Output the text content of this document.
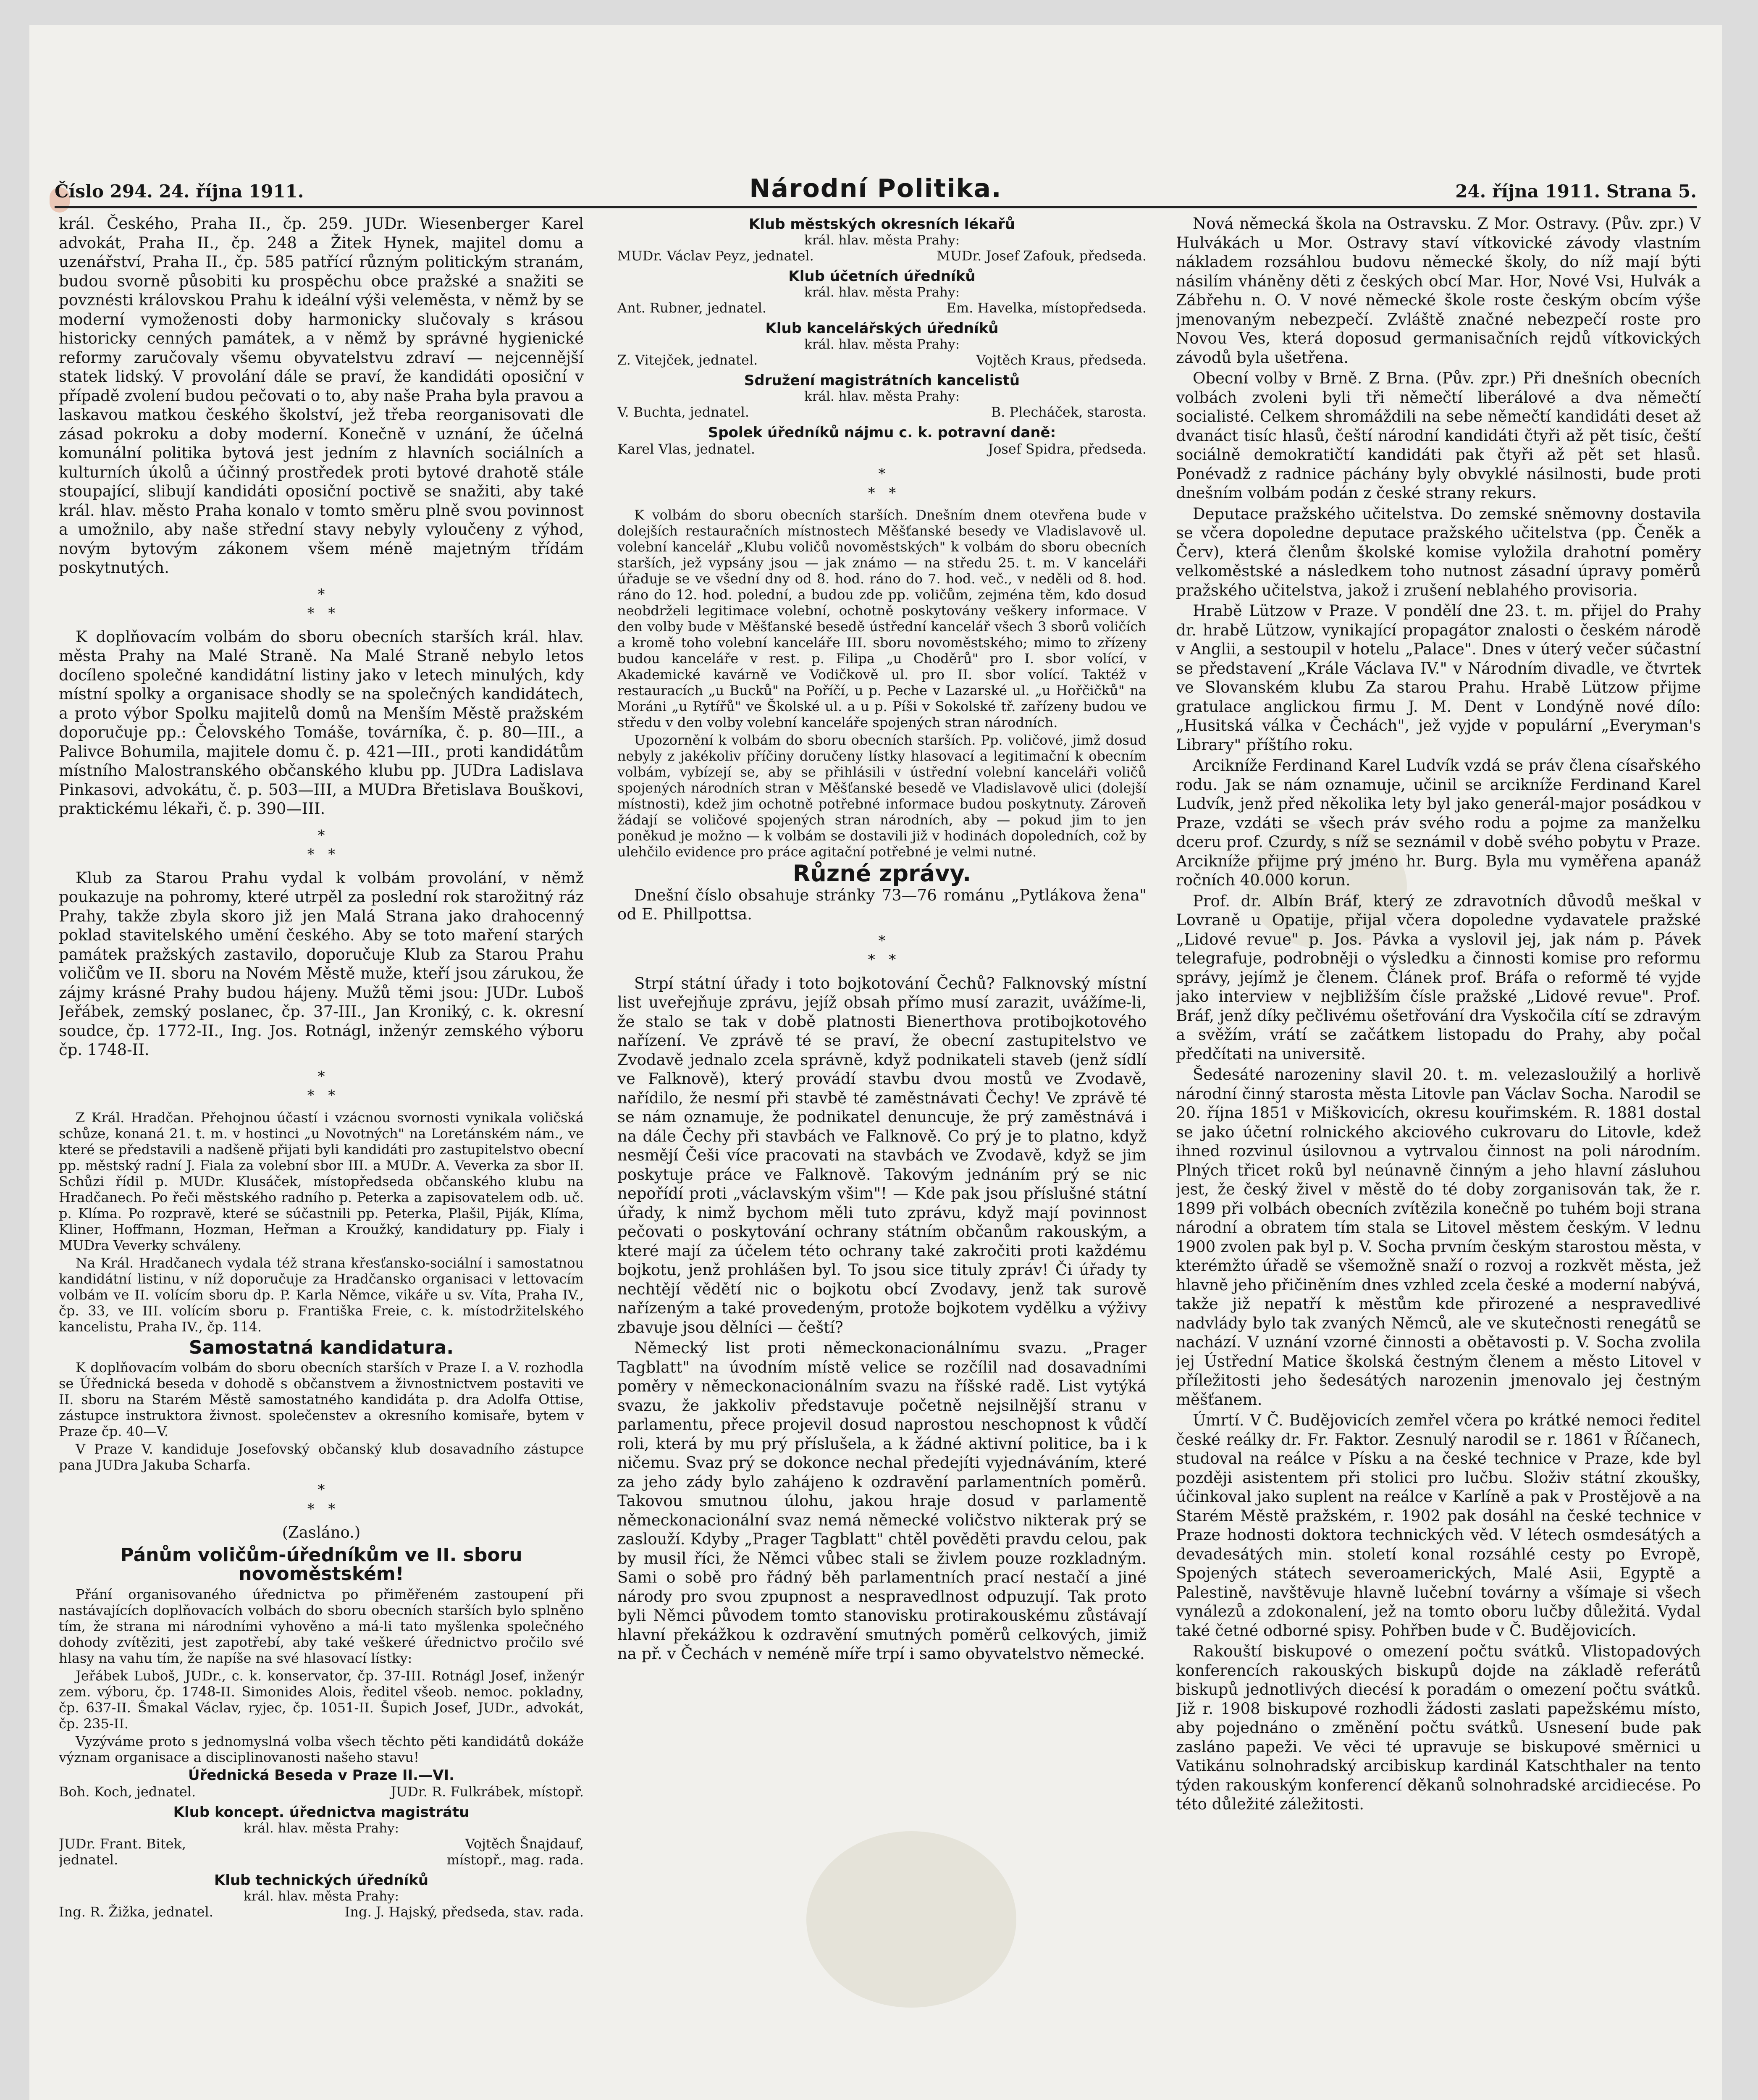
Číslo 294. 24. října 1911.	Národní Politika.	24. října 1911. Strana 5.

král. Českého, Praha II., čp. 259. JUDr. Wiesenberger Karel advokát, Praha II., čp. 248 a Žitek Hynek, majitel domu a uzenářství, Praha II., čp. 585 patřící různým politickým stranám, budou svorně působiti ku prospěchu obce pražské a snažiti se povznésti královskou Prahu k ideální výši veleměsta, v němž by se moderní vymoženosti doby harmonicky slučovaly s krásou historicky cenných památek, a v němž by správné hygienické reformy zaručovaly všemu obyvatelstvu zdraví — nejcennější statek lidský. V provolání dále se praví, že kandidáti oposiční v případě zvolení budou pečovati o to, aby naše Praha byla pravou a laskavou matkou českého školství, jež třeba reorganisovati dle zásad pokroku a doby moderní. Konečně v uznání, že účelná komunální politika bytová jest jedním z hlavních sociálních a kulturních úkolů a účinný prostředek proti bytové drahotě stále stoupající, slibují kandidáti oposiční poctivě se snažiti, aby také král. hlav. město Praha konalo v tomto směru plně svou povinnost a umožnilo, aby naše střední stavy nebyly vyloučeny z výhod, novým bytovým zákonem všem méně majetným třídám poskytnutých.

*
*   *

K doplňovacím volbám do sboru obecních starších král. hlav. města Prahy na Malé Straně. Na Malé Straně nebylo letos docíleno společné kandidátní listiny jako v letech minulých, kdy místní spolky a organisace shodly se na společných kandidátech, a proto výbor Spolku majitelů domů na Menším Městě pražském doporučuje pp.: Čelovského Tomáše, továrníka, č. p. 80—III., a Palivce Bohumila, majitele domu č. p. 421—III., proti kandidátům místního Malostranského občanského klubu pp. JUDra Ladislava Pinkasovi, advokátu, č. p. 503—III, a MUDra Břetislava Bouškovi, praktickému lékaři, č. p. 390—III.

*
*   *

Klub za Starou Prahu vydal k volbám provolání, v němž poukazuje na pohromy, které utrpěl za poslední rok starožitný ráz Prahy, takže zbyla skoro již jen Malá Strana jako drahocenný poklad stavitelského umění českého. Aby se toto maření starých památek pražských zastavilo, doporučuje Klub za Starou Prahu voličům ve II. sboru na Novém Městě muže, kteří jsou zárukou, že zájmy krásné Prahy budou hájeny. Mužů těmi jsou: JUDr. Luboš Jeřábek, zemský poslanec, čp. 37-III., Jan Kroniký, c. k. okresní soudce, čp. 1772-II., Ing. Jos. Rotnágl, inženýr zemského výboru čp. 1748-II.

*
*   *

Z Král. Hradčan. Přehojnou účastí i vzácnou svornosti vynikala voličská schůze, konaná 21. t. m. v hostinci „u Novotných" na Loretánském nám., ve které se představili a nadšeně přijati byli kandidáti pro zastupitelstvo obecní pp. městský radní J. Fiala za volební sbor III. a MUDr. A. Veverka za sbor II. Schůzi řídil p. MUDr. Klusáček, místopředseda občanského klubu na Hradčanech. Po řeči městského radního p. Peterka a zapisovatelem odb. uč. p. Klíma. Po rozpravě, které se súčastnili pp. Peterka, Plašil, Piják, Klíma, Kliner, Hoffmann, Hozman, Heřman a Kroužký, kandidatury pp. Fialy i MUDra Veverky schváleny.

Na Král. Hradčanech vydala též strana křesťansko-sociální i samostatnou kandidátní listinu, v níž doporučuje za Hradčansko organisaci v lettovacím volbám ve II. volícím sboru dp. P. Karla Němce, vikáře u sv. Víta, Praha IV., čp. 33, ve III. volícím sboru p. Františka Freie, c. k. místodržitelského kancelistu, Praha IV., čp. 114.

Samostatná kandidatura.

K doplňovacím volbám do sboru obecních starších v Praze I. a V. rozhodla se Úřednická beseda v dohodě s občanstvem a živnostnictvem postaviti ve II. sboru na Starém Městě samostatného kandidáta p. dra Adolfa Ottise, zástupce instruktora živnost. společenstev a okresního komisaře, bytem v Praze čp. 40—V.

V Praze V. kandiduje Josefovský občanský klub dosavadního zástupce pana JUDra Jakuba Scharfa.

*
*   *
(Zasláno.)
Pánům voličům-úředníkům ve II. sboru novoměstském!

Přání organisovaného úřednictva po přiměřeném zastoupení při nastávajících doplňovacích volbách do sboru obecních starších bylo splněno tím, že strana mi národními vyhověno a má-li tato myšlenka společného dohody zvítěziti, jest zapotřebí, aby také veškeré úřednictvo pročilo své hlasy na vahu tím, že napíše na své hlasovací lístky:

Jeřábek Luboš, JUDr., c. k. konservator, čp. 37-III. Rotnágl Josef, inženýr zem. výboru, čp. 1748-II. Simonides Alois, ředitel všeob. nemoc. pokladny, čp. 637-II. Šmakal Václav, ryjec, čp. 1051-II. Šupich Josef, JUDr., advokát, čp. 235-II.

Vyzýváme proto s jednomyslná volba všech těchto pěti kandidátů dokáže význam organisace a disciplinovanosti našeho stavu!

Úřednická Beseda v Praze II.—VI.
Boh. Koch, jednatel.	JUDr. R. Fulkrábek, místopř.
Klub koncept. úřednictva magistrátu
král. hlav. města Prahy:
JUDr. Frant. Bitek,	Vojtěch Šnajdauf,
jednatel.	místopř., mag. rada.
Klub technických úředníků
král. hlav. města Prahy:
Ing. R. Žižka, jednatel.	Ing. J. Hajský, předseda, stav. rada.
Klub městských okresních lékařů
král. hlav. města Prahy:
MUDr. Václav Peyz, jednatel.	MUDr. Josef Zafouk, předseda.
Klub účetních úředníků
král. hlav. města Prahy:
Ant. Rubner, jednatel.	Em. Havelka, místopředseda.
Klub kancelářských úředníků
král. hlav. města Prahy:
Z. Vitejček, jednatel.	Vojtěch Kraus, předseda.
Sdružení magistrátních kancelistů
král. hlav. města Prahy:
V. Buchta, jednatel.	B. Plecháček, starosta.
Spolek úředníků nájmu c. k. potravní daně:
Karel Vlas, jednatel.	Josef Spidra, předseda.
*
*   *

K volbám do sboru obecních starších. Dnešním dnem otevřena bude v dolejších restauračních místnostech Měšťanské besedy ve Vladislavově ul. volební kancelář „Klubu voličů novoměstských" k volbám do sboru obecních starších, jež vypsány jsou — jak známo — na středu 25. t. m. V kanceláři úřaduje se ve všední dny od 8. hod. ráno do 7. hod. več., v neděli od 8. hod. ráno do 12. hod. polední, a budou zde pp. voličům, zejména těm, kdo dosud neobdrželi legitimace volební, ochotně poskytovány veškery informace. V den volby bude v Měšťanské besedě ústřední kancelář všech 3 sborů voličích a kromě toho volební kanceláře III. sboru novoměstského; mimo to zřízeny budou kanceláře v rest. p. Filipa „u Choděrů" pro I. sbor volící, v Akademické kavárně ve Vodičkově ul. pro II. sbor volící. Taktéž v restauracích „u Bucků" na Poříčí, u p. Peche v Lazarské ul. „u Hořčičků" na Moráni „u Rytířů" ve Školské ul. a u p. Píši v Sokolské tř. zařízeny budou ve středu v den volby volební kanceláře spojených stran národních.

Upozornění k volbám do sboru obecních starších. Pp. voličové, jimž dosud nebyly z jakékoliv příčiny doručeny lístky hlasovací a legitimační k obecním volbám, vybízejí se, aby se přihlásili v ústřední volební kanceláři voličů spojených národních stran v Měšťanské besedě ve Vladislavově ulici (dolejší místnosti), kdež jim ochotně potřebné informace budou poskytnuty. Zároveň žádají se voličové spojených stran národních, aby — pokud jim to jen poněkud je možno — k volbám se dostavili již v hodinách dopoledních, což by ulehčilo evidence pro práce agitační potřebné je velmi nutné.

Různé zprávy.

Dnešní číslo obsahuje stránky 73—76 románu „Pytlákova žena" od E. Phillpottsa.

*
*   *

Strpí státní úřady i toto bojkotování Čechů? Falknovský místní list uveřejňuje zprávu, jejíž obsah přímo musí zarazit, uvážíme-li, že stalo se tak v době platnosti Bienerthova protibojkotového nařízení. Ve zprávě té se praví, že obecní zastupitelstvo ve Zvodavě jednalo zcela správně, když podnikateli staveb (jenž sídlí ve Falknově), který provádí stavbu dvou mostů ve Zvodavě, nařídilo, že nesmí při stavbě té zaměstnávati Čechy! Ve zprávě té se nám oznamuje, že podnikatel denuncuje, že prý zaměstnává i na dále Čechy při stavbách ve Falknově. Co prý je to platno, když nesmějí Češi více pracovati na stavbách ve Zvodavě, když se jim poskytuje práce ve Falknově. Takovým jednáním prý se nic nepořídí proti „václavským všim"! — Kde pak jsou příslušné státní úřady, k nimž bychom měli tuto zprávu, když mají povinnost pečovati o poskytování ochrany státním občanům rakouským, a které mají za účelem této ochrany také zakročiti proti každému bojkotu, jenž prohlášen byl. To jsou sice tituly zpráv! Či úřady ty nechtějí vědětí nic o bojkotu obcí Zvodavy, jenž tak surově nařízeným a také provedeným, protože bojkotem vydělku a výživy zbavuje jsou dělníci — čeští?

Německý list proti německonacionálnímu svazu. „Prager Tagblatt" na úvodním místě velice se rozčílil nad dosavadními poměry v německonacionálním svazu na říšské radě. List vytýká svazu, že jakkoliv představuje početně nejsilnější stranu v parlamentu, přece projevil dosud naprostou neschopnost k vůdčí roli, která by mu prý příslušela, a k žádné aktivní politice, ba i k ničemu. Svaz prý se dokonce nechal předejíti vyjednáváním, které za jeho zády bylo zahájeno k ozdravění parlamentních poměrů. Takovou smutnou úlohu, jakou hraje dosud v parlamentě německonacionální svaz nemá německé voličstvo nikterak prý se zaslouží. Kdyby „Prager Tagblatt" chtěl pověděti pravdu celou, pak by musil říci, že Němci vůbec stali se živlem pouze rozkladným. Sami o sobě pro řádný běh parlamentních prací nestačí a jiné národy pro svou zpupnost a nespravedlnost odpuzují. Tak proto byli Němci původem tomto stanovisku protirakouskému zůstávají hlavní překážkou k ozdravění smutných poměrů celkových, jimiž na př. v Čechách v neméně míře trpí i samo obyvatelstvo německé.

Nová německá škola na Ostravsku. Z Mor. Ostravy. (Pův. zpr.) V Hulvákách u Mor. Ostravy staví vítkovické závody vlastním nákladem rozsáhlou budovu německé školy, do níž mají býti násilím vháněny děti z českých obcí Mar. Hor, Nové Vsi, Hulvák a Zábřehu n. O. V nové německé škole roste českým obcím výše jmenovaným nebezpečí. Zvláště značné nebezpečí roste pro Novou Ves, která doposud germanisačních rejdů vítkovických závodů byla ušetřena.

Obecní volby v Brně. Z Brna. (Pův. zpr.) Při dnešních obecních volbách zvoleni byli tři němečtí liberálové a dva němečtí socialisté. Celkem shromáždili na sebe němečtí kandidáti deset až dvanáct tisíc hlasů, čeští národní kandidáti čtyři až pět tisíc, čeští sociálně demokratičtí kandidáti pak čtyři až pět set hlasů. Ponévadž z radnice páchány byly obvyklé násilnosti, bude proti dnešním volbám podán z české strany rekurs.

Deputace pražského učitelstva. Do zemské sněmovny dostavila se včera dopoledne deputace pražského učitelstva (pp. Čeněk a Červ), která členům školské komise vyložila drahotní poměry velkoměstské a následkem toho nutnost zásadní úpravy poměrů pražského učitelstva, jakož i zrušení neblahého provisoria.

Hrabě Lützow v Praze. V pondělí dne 23. t. m. přijel do Prahy dr. hrabě Lützow, vynikající propagátor znalosti o českém národě v Anglii, a sestoupil v hotelu „Palace". Dnes v úterý večer súčastní se představení „Krále Václava IV." v Národním divadle, ve čtvrtek ve Slovanském klubu Za starou Prahu. Hrabě Lützow přijme gratulace anglickou firmu J. M. Dent v Londýně nové dílo: „Husitská válka v Čechách", jež vyjde v populární „Everyman's Library" příštího roku.

Arcikníže Ferdinand Karel Ludvík vzdá se práv člena císařského rodu. Jak se nám oznamuje, učinil se arcikníže Ferdinand Karel Ludvík, jenž před několika lety byl jako generál-major posádkou v Praze, vzdáti se všech práv svého rodu a pojme za manželku dceru prof. Czurdy, s níž se seznámil v době svého pobytu v Praze. Arcikníže přijme prý jméno hr. Burg. Byla mu vyměřena apanáž ročních 40.000 korun.

Prof. dr. Albín Bráf, který ze zdravotních důvodů meškal v Lovraně u Opatije, přijal včera dopoledne vydavatele pražské „Lidové revue" p. Jos. Pávka a vyslovil jej, jak nám p. Pávek telegrafuje, podrobněji o výsledku a činnosti komise pro reformu správy, jejímž je členem. Článek prof. Bráfa o reformě té vyjde jako interview v nejbližším čísle pražské „Lidové revue". Prof. Bráf, jenž díky pečlivému ošetřování dra Vyskočila cítí se zdravým a svěžím, vrátí se začátkem listopadu do Prahy, aby počal předčítati na universitě.

Šedesáté narozeniny slavil 20. t. m. velezasloužilý a horlivě národní činný starosta města Litovle pan Václav Socha. Narodil se 20. října 1851 v Miškovicích, okresu kouřimském. R. 1881 dostal se jako účetní rolnického akciového cukrovaru do Litovle, kdež ihned rozvinul úsilovnou a vytrvalou činnost na poli národním. Plných třicet roků byl neúnavně činným a jeho hlavní zásluhou jest, že český živel v městě do té doby zorganisován tak, že r. 1899 při volbách obecních zvítězila konečně po tuhém boji strana národní a obratem tím stala se Litovel městem českým. V lednu 1900 zvolen pak byl p. V. Socha prvním českým starostou města, v kterémžto úřadě se všemožně snaží o rozvoj a rozkvět města, jež hlavně jeho přičiněním dnes vzhled zcela české a moderní nabývá, takže již nepatří k městům kde přirozené a nespravedlivé nadvlády bylo tak zvaných Němců, ale ve skutečnosti renegátů se nachází. V uznání vzorné činnosti a obětavosti p. V. Socha zvolila jej Ústřední Matice školská čestným členem a město Litovel v příležitosti jeho šedesátých narozenin jmenovalo jej čestným měšťanem.

Úmrtí. V Č. Budějovicích zemřel včera po krátké nemoci ředitel české reálky dr. Fr. Faktor. Zesnulý narodil se r. 1861 v Říčanech, studoval na reálce v Písku a na české technice v Praze, kde byl později asistentem při stolici pro lučbu. Složiv státní zkoušky, účinkoval jako suplent na reálce v Karlíně a pak v Prostějově a na Starém Městě pražském, r. 1902 pak dosáhl na české technice v Praze hodnosti doktora technických věd. V létech osmdesátých a devadesátých min. století konal rozsáhlé cesty po Evropě, Spojených státech severoamerických, Malé Asii, Egyptě a Palestině, navštěvuje hlavně lučební továrny a všímaje si všech vynálezů a zdokonalení, jež na tomto oboru lučby důležitá. Vydal také četné odborné spisy. Pohřben bude v Č. Budějovicích.

Rakouští biskupové o omezení počtu svátků. Vlistopadových konferencích rakouských biskupů dojde na základě referátů biskupů jednotlivých diecésí k poradám o omezení počtu svátků. Již r. 1908 biskupové rozhodli žádosti zaslati papežskému místo, aby pojednáno o změnění počtu svátků. Usnesení bude pak zasláno papeži. Ve věci té upravuje se biskupové směrnici u Vatikánu solnohradský arcibiskup kardinál Katschthaler na tento týden rakouským konferencí děkanů solnohradské arcidiecése. Po této důležité záležitosti.
